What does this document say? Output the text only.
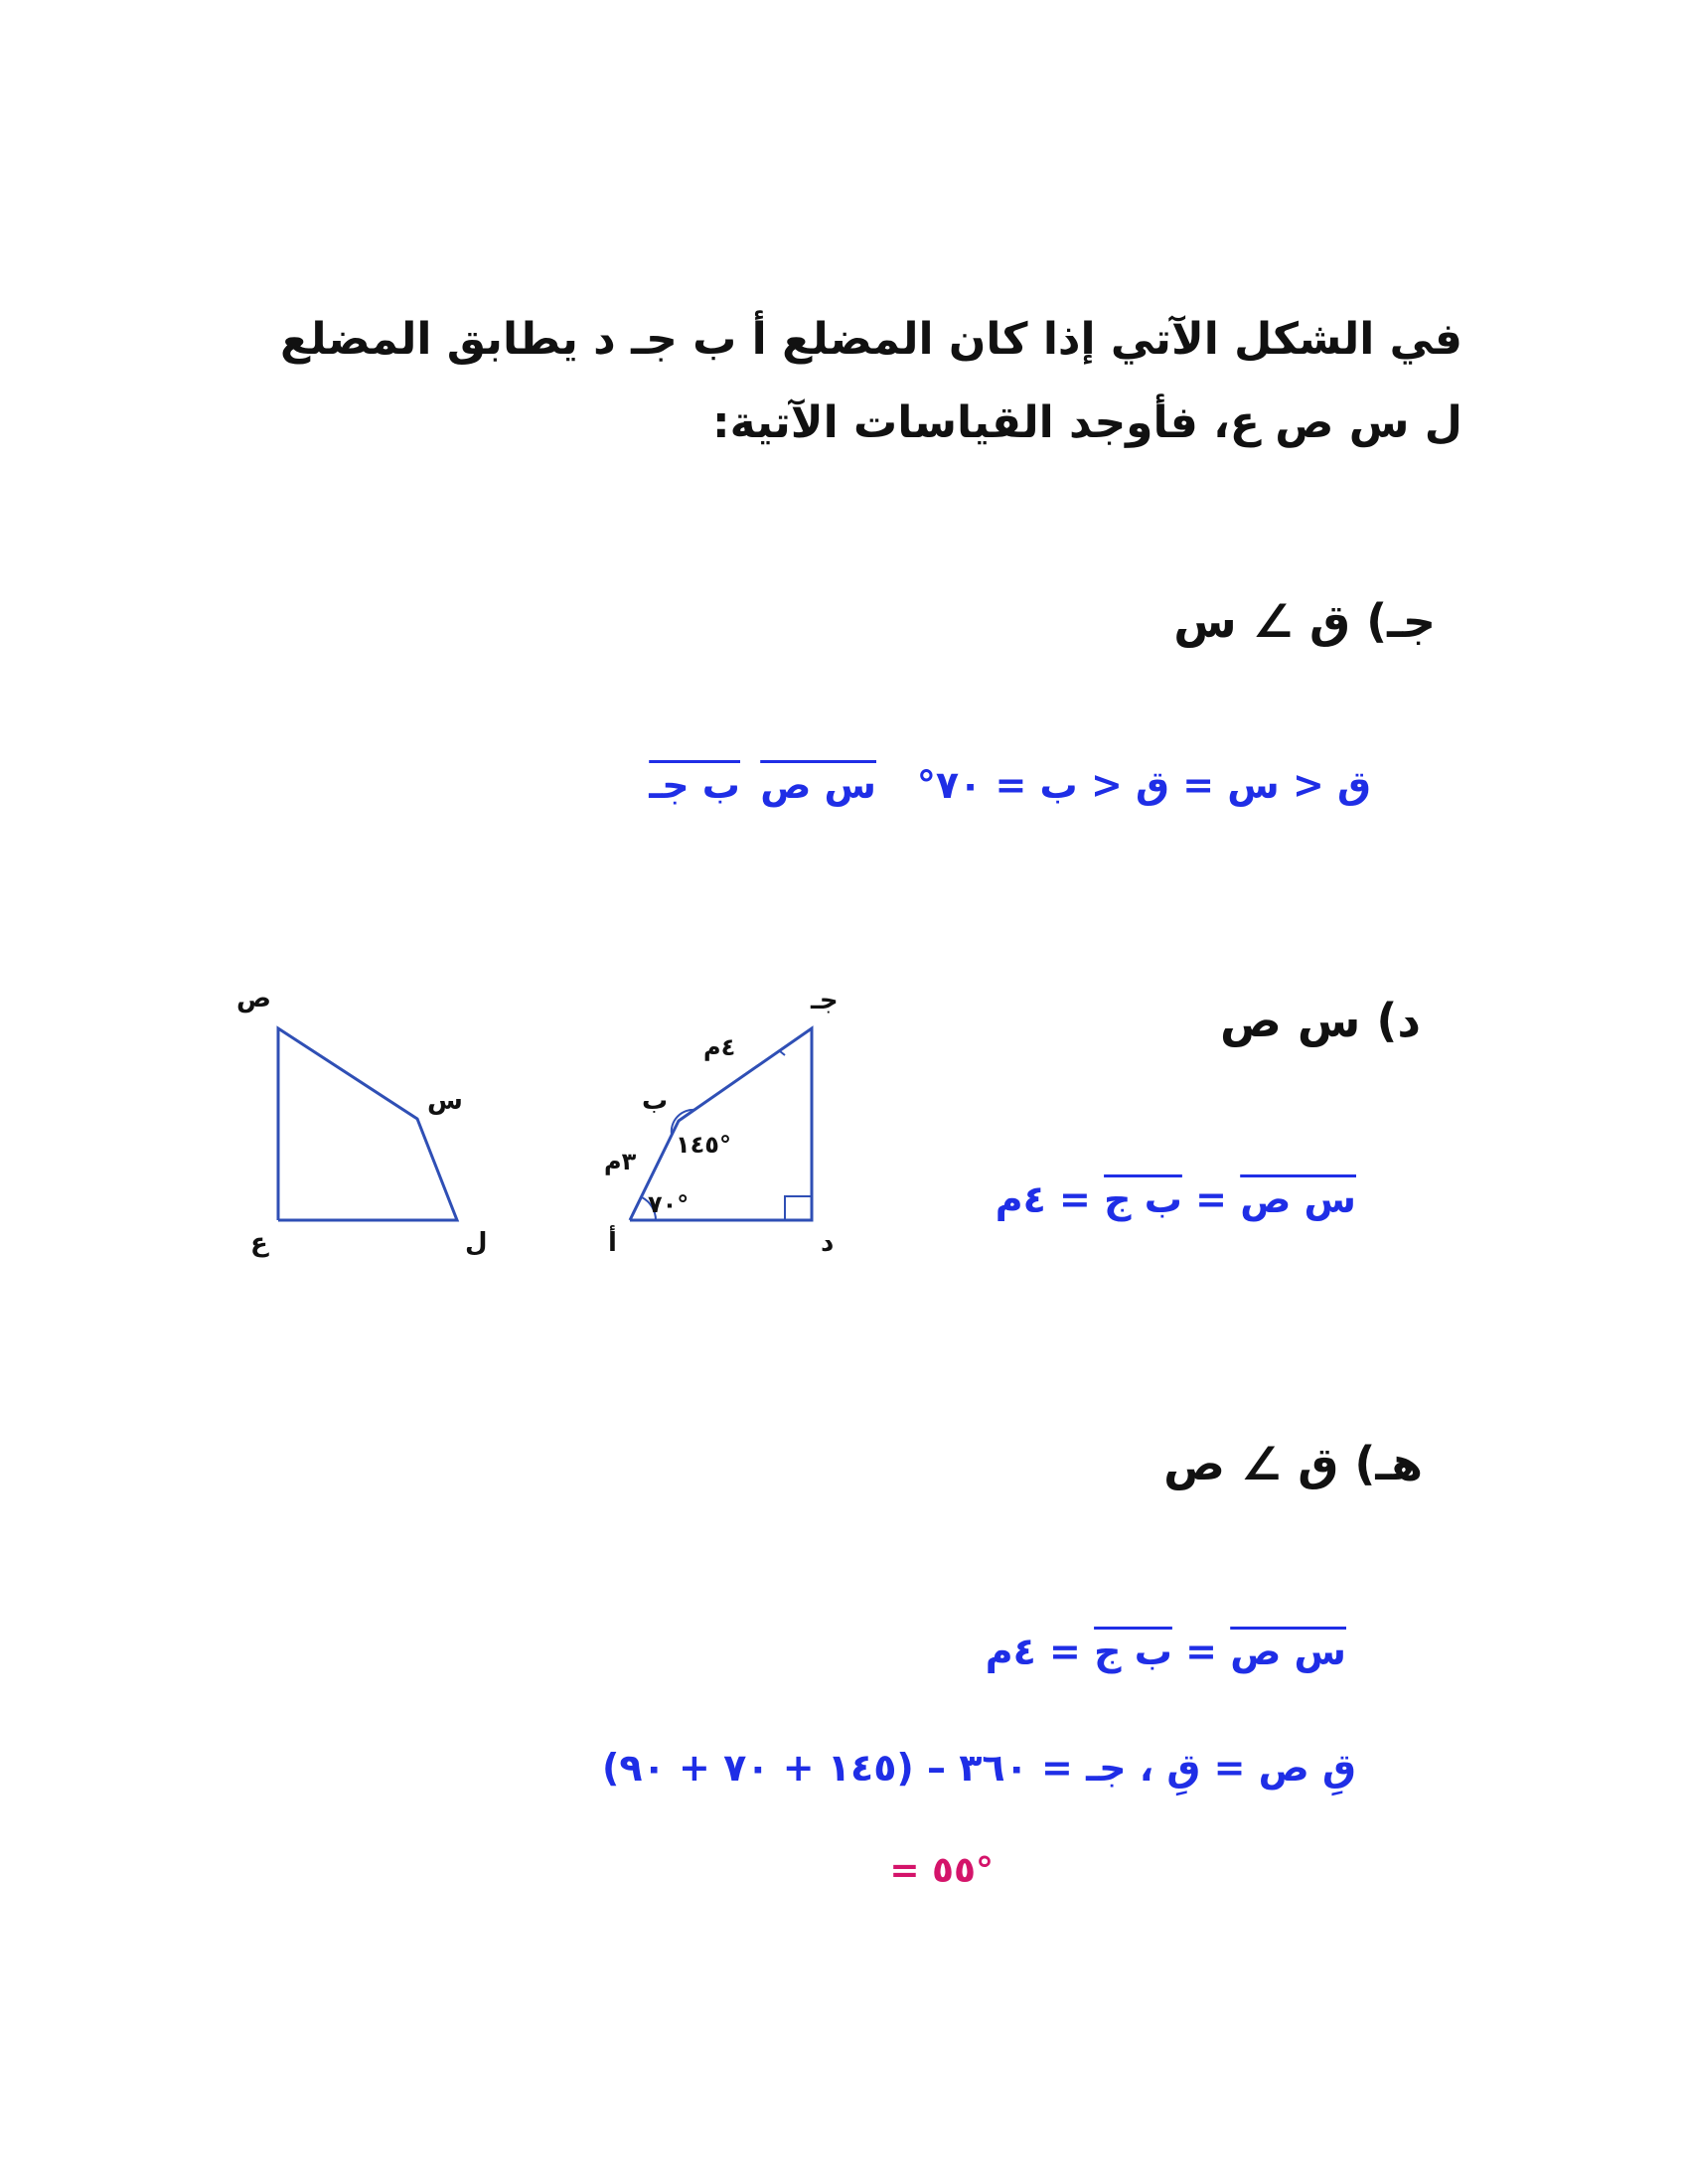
في الشكل الآتي إذا كان المضلع أ ب جـ د يطابق المضلع ل س ص ع، فأوجد القياسات الآتية:
جـ) ق ∠ س
ق < س = ق < ب = ٧٠°
س ص
ب جـ
د) س ص
س ص = ب ج = ٤م
هـ) ق ∠ ص
س ص = ب ج = ٤م
قِ ص = قِ ، جـ = ٣٦٠ – (١٤٥ + ٧٠ + ٩٠)
= ٥٥°
جـ
ب
أ	د
٤م
٣م
١٤٥°
٧٠°
ص
س
ل
ع
